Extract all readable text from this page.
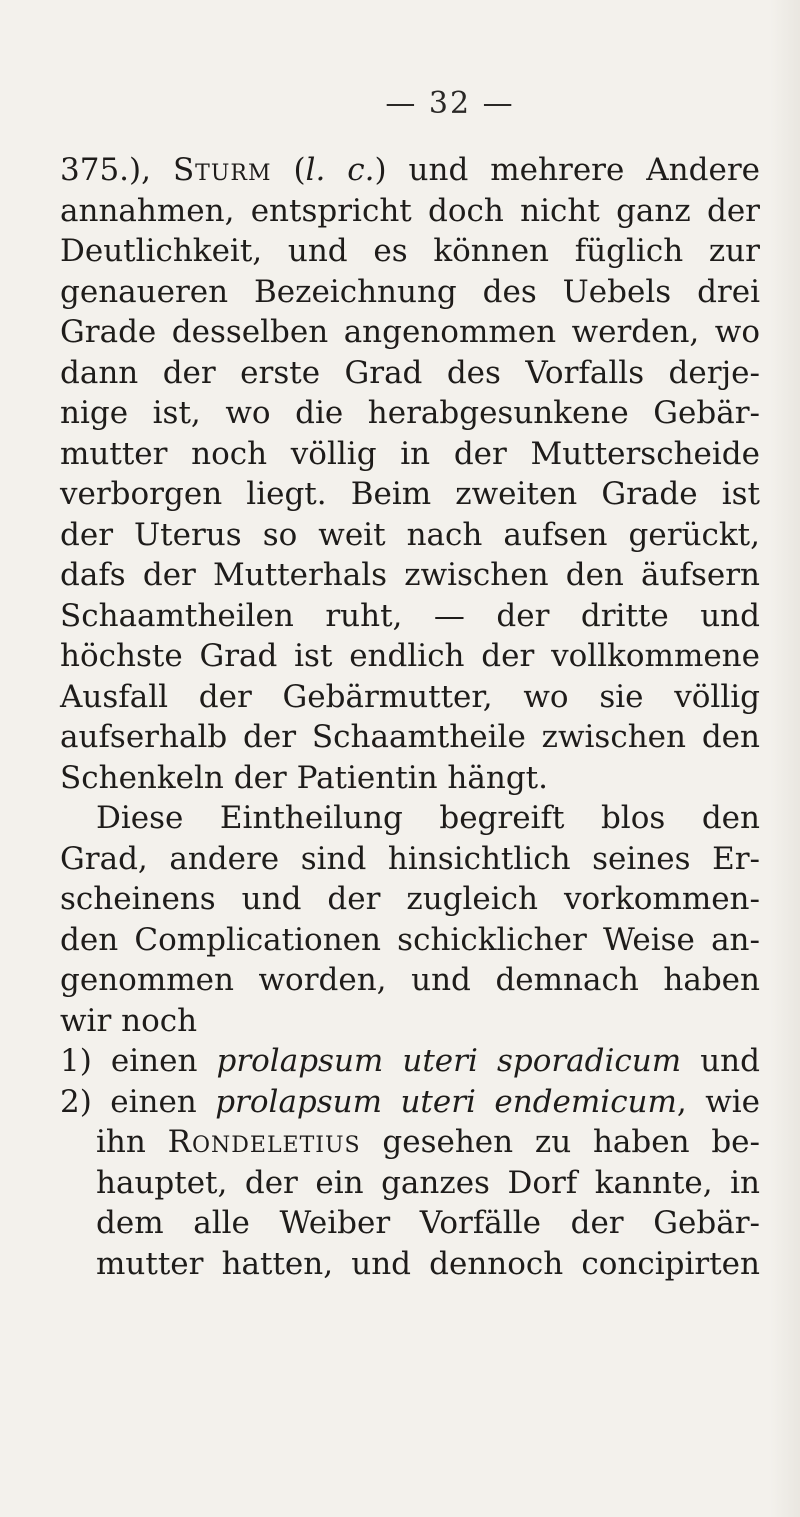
— 32 —
375.), Sturm (l. c.) und mehrere Andere
annahmen, entspricht doch nicht ganz der
Deutlichkeit, und es können füglich zur
genaueren Bezeichnung des Uebels drei
Grade desselben angenommen werden, wo
dann der erste Grad des Vorfalls derje-
nige ist, wo die herabgesunkene Gebär-
mutter noch völlig in der Mutterscheide
verborgen liegt. Beim zweiten Grade ist
der Uterus so weit nach aufsen gerückt,
dafs der Mutterhals zwischen den äufsern
Schaamtheilen ruht, — der dritte und
höchste Grad ist endlich der vollkommene
Ausfall der Gebärmutter, wo sie völlig
aufserhalb der Schaamtheile zwischen den
Schenkeln der Patientin hängt.
Diese Eintheilung begreift blos den
Grad, andere sind hinsichtlich seines Er-
scheinens und der zugleich vorkommen-
den Complicationen schicklicher Weise an-
genommen worden, und demnach haben
wir noch
1) einen prolapsum uteri sporadicum und
2) einen prolapsum uteri endemicum, wie
ihn Rondeletius gesehen zu haben be-
hauptet, der ein ganzes Dorf kannte, in
dem alle Weiber Vorfälle der Gebär-
mutter hatten, und dennoch concipirten
